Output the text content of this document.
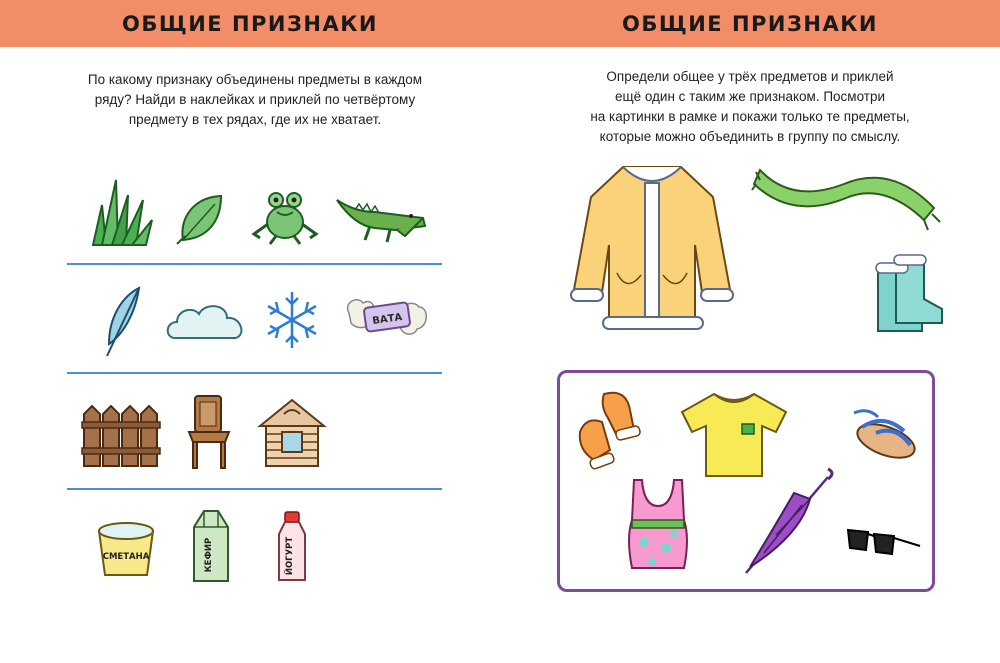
ОБЩИЕ ПРИЗНАКИ
По какому признаку объединены предметы в каждом
ряду? Найди в наклейках и приклей по четвёртому
предмету в тех рядах, где их не хватает.
ВАТА
СМЕТАНА	КЕФИР	ЙОГУРТ
ОБЩИЕ ПРИЗНАКИ
Определи общее у трёх предметов и приклей
ещё один с таким же признаком. Посмотри
на картинки в рамке и покажи только те предметы,
которые можно объединить в группу по смыслу.
